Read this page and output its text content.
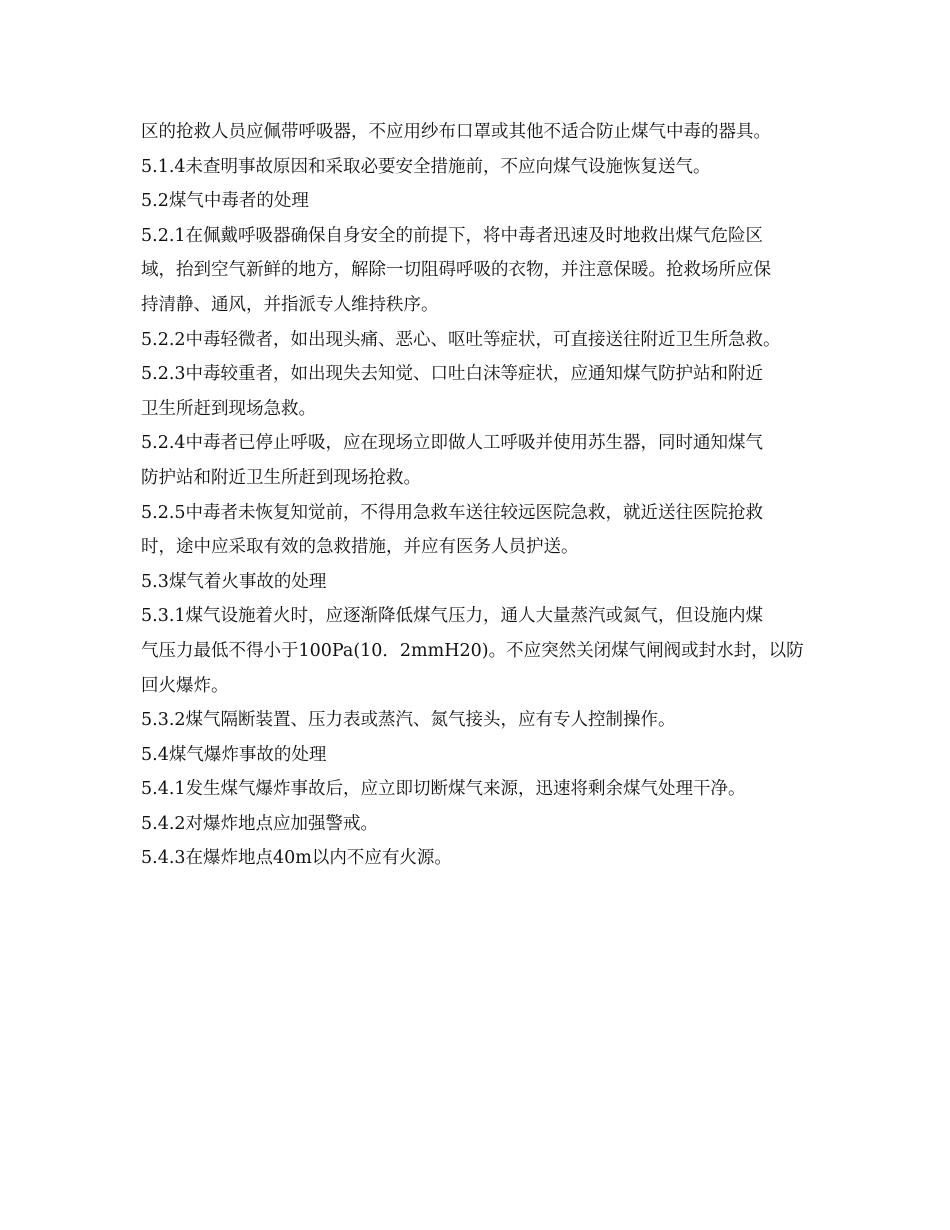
区的抢救人员应佩带呼吸器，不应用纱布口罩或其他不适合防止煤气中毒的器具。
5.1.4未查明事故原因和采取必要安全措施前，不应向煤气设施恢复送气。
5.2煤气中毒者的处理
5.2.1在佩戴呼吸器确保自身安全的前提下，将中毒者迅速及时地救出煤气危险区
域，抬到空气新鲜的地方，解除一切阻碍呼吸的衣物，并注意保暖。抢救场所应保
持清静、通风，并指派专人维持秩序。
5.2.2中毒轻微者，如出现头痛、恶心、呕吐等症状，可直接送往附近卫生所急救。
5.2.3中毒较重者，如出现失去知觉、口吐白沫等症状，应通知煤气防护站和附近
卫生所赶到现场急救。
5.2.4中毒者已停止呼吸，应在现场立即做人工呼吸并使用苏生器，同时通知煤气
防护站和附近卫生所赶到现场抢救。
5.2.5中毒者未恢复知觉前，不得用急救车送往较远医院急救，就近送往医院抢救
时，途中应采取有效的急救措施，并应有医务人员护送。
5.3煤气着火事故的处理
5.3.1煤气设施着火时，应逐渐降低煤气压力，通人大量蒸汽或氮气，但设施内煤
气压力最低不得小于100Pa(10．2mmH20)。不应突然关闭煤气闸阀或封水封，以防
回火爆炸。
5.3.2煤气隔断装置、压力表或蒸汽、氮气接头，应有专人控制操作。
5.4煤气爆炸事故的处理
5.4.1发生煤气爆炸事故后，应立即切断煤气来源，迅速将剩余煤气处理干净。
5.4.2对爆炸地点应加强警戒。
5.4.3在爆炸地点40m以内不应有火源。
